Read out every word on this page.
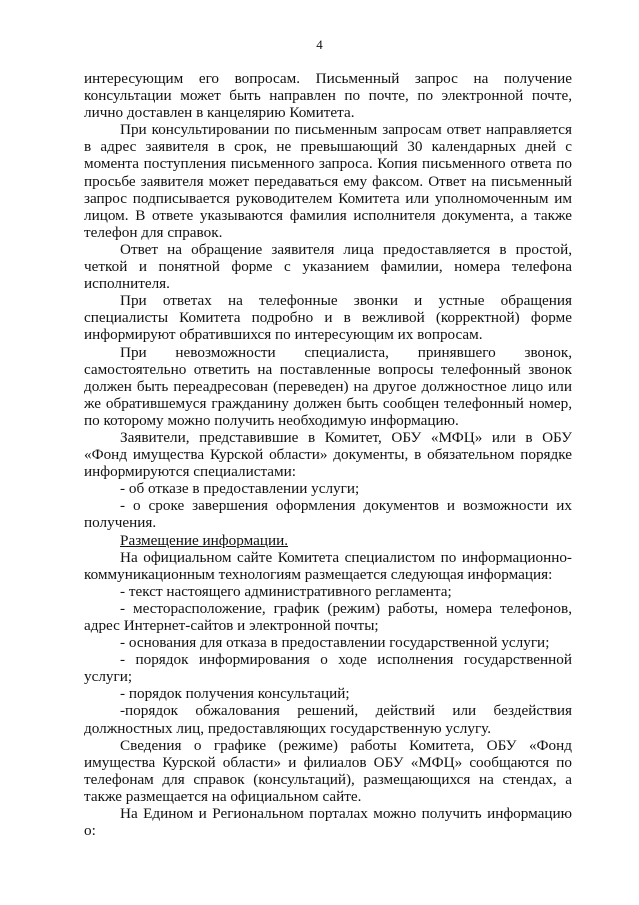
4

интересующим его вопросам. Письменный запрос на получение консультации может быть направлен по почте, по электронной почте, лично доставлен в канцелярию Комитета.

При консультировании по письменным запросам ответ направляется в адрес заявителя в срок, не превышающий 30 календарных дней с момента поступления письменного запроса. Копия письменного ответа по просьбе заявителя может передаваться ему факсом. Ответ на письменный запрос подписывается руководителем Комитета или уполномоченным им лицом. В ответе указываются фамилия исполнителя документа, а также телефон для справок.

Ответ на обращение заявителя лица предоставляется в простой, четкой и понятной форме с указанием фамилии, номера телефона исполнителя.

При ответах на телефонные звонки и устные обращения специалисты Комитета подробно и в вежливой (корректной) форме информируют обратившихся по интересующим их вопросам.

При невозможности специалиста, принявшего звонок, самостоятельно ответить на поставленные вопросы телефонный звонок должен быть переадресован (переведен) на другое должностное лицо или же обратившемуся гражданину должен быть сообщен телефонный номер, по которому можно получить необходимую информацию.

Заявители, представившие в Комитет, ОБУ «МФЦ» или в ОБУ «Фонд имущества Курской области» документы, в обязательном порядке информируются специалистами:

- об отказе в предоставлении услуги;

- о сроке завершения оформления документов и возможности их получения.

Размещение информации.

На официальном сайте Комитета специалистом по информационно-коммуникационным технологиям размещается следующая информация:

- текст настоящего административного регламента;

- месторасположение, график (режим) работы, номера телефонов, адрес Интернет-сайтов и электронной почты;

- основания для отказа в предоставлении государственной услуги;

- порядок информирования о ходе исполнения государственной услуги;

- порядок получения консультаций;

-порядок обжалования решений, действий или бездействия должностных лиц, предоставляющих государственную услугу.

Сведения о графике (режиме) работы Комитета, ОБУ «Фонд имущества Курской области» и филиалов ОБУ «МФЦ» сообщаются по телефонам для справок (консультаций), размещающихся на стендах, а также размещается на официальном сайте.

На Едином и Региональном порталах можно получить информацию о:
